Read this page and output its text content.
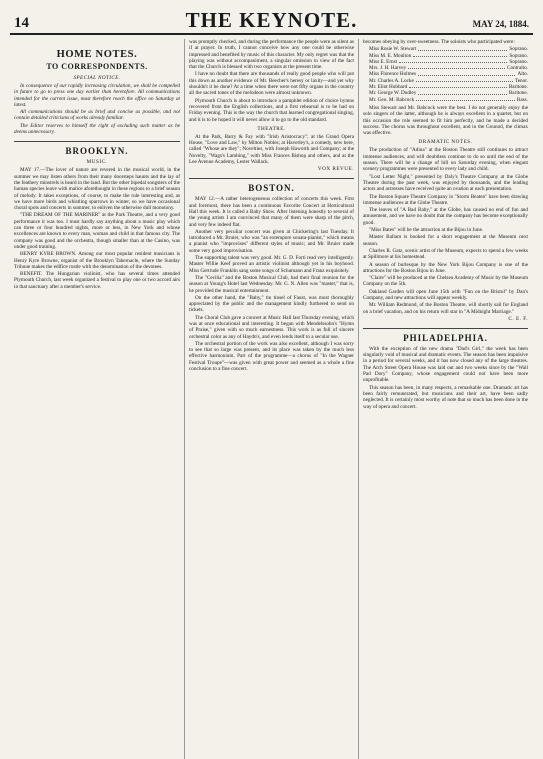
14	THE KEYNOTE.	MAY 24, 1884.
HOME NOTES.
TO CORRESPONDENTS.
SPECIAL NOTICE.

In consequence of our rapidly increasing circulation, we shall be compelled in future to go to press one day earlier than heretofore. All communications intended for the current issue, must therefore reach the office on Saturday at latest.

All communications should be as brief and concise as possible, and not contain detailed criticisms of works already familiar.

The Editor reserves to himself the right of excluding such matter as he deems unnecessary.

BROOKLYN.
MUSIC.

MAY 17.—The lover of nature are revered in the musical world, in the summer we may listen others from their many doorsteps haunts and the lay of the feathery minstrels is heard in the land. But the other bipedal songsters of the human species leave with malice aforethought in these regions to a brief season of melody. It takes exceptions, of course, to make the rule interesting and, as we have more birds and whistling sparrows in winter, so we have occasional choral spots and concerts in summer, to enliven the otherwise dull monotony.

"THE DREAM OF THE MARINER" at the Park Theatre, and a very good performance it was too. I must hardly say anything about a music play which can three or four hundred nights, more or less, in New York and whose excellences are known to every man, woman and child in that famous city. The company was good and the orchestra, though smaller than at the Casino, was under good training.

HENRY KYRE BROWN. Among our most popular resident musicians is Henry Kyre Browne, organist of the Brooklyn Tabernacle, where the Sunday Tribune makes the edifice rustle with the denomination of the devotees.

BENEFIT. The Hungarian violinist, who has several times attended Plymouth Church, last week organized a festival to play one or two accord airs in that sanctuary after a member's service.

was promptly checked, and during the performance the people were as silent as if at prayer. In truth, I cannot conceive how any one could be otherwise impressed and benefited by music of this character. My only regret was that the playing was without accompaniment, a singular omission in view of the fact that the Church is blessed with two organists at the present time.

I have no doubt that there are thousands of really good people who will put this down as another evidence of Mr. Beecher's heresy or laxity—and yet why shouldn't it be done? At a time when there were not fifty organs in the country all the sacred tones of the melodeon were almost unknown.

Plymouth Church is about to introduce a pamphlet edition of choice hymns recovered from the English collections, and a first rehearsal is to be had on Friday evening. This is the way the church that learned congregational singing, and it is to be hoped it will never allow it to go to the old standard.

THEATRE.

At the Park, Barry & Fay with "Irish Aristocracy"; at the Grand Opera House, "Love and Law," by Milton Nobles; at Haverley's, a comedy, new here, called "Whose are they"; Novelties, with Joseph Haworth and Company; at the Novelty, "Wags's Lambing," with Miss Frances Bishop and others, and at the Lee Avenue Academy, Lester Wallack.

VOX REVUE.
BOSTON.

MAY 12.—A rather heterogeneous collection of concerts this week. First and foremost, there has been a continuous Favorite Concert at Horticultural Hall this week. It is called a Baby Show. After listening honestly to several of the young artists I am convinced that many of them were sharp of the pitch, and very few indeed flat.

Another very peculiar concert was given at Chickering's last Tuesday. It introduced a Mr. Bruier, who was "an extempore sonata-pianist," which means a pianist who "improvises" different styles of music; and Mr. Bruier made some very good improvisation.

The supporting talent was very good. Mr. G. D. Forti read very intelligently. Master Willie Keef proved an artistic violinist although yet in his boyhood. Miss Gertrude Franklin sang some songs of Schumann and Franz exquisitely.

The "Cecilia" and the Boston Musical Club, had their final reunion for the season at Young's Hotel last Wednesday. Mr. G. N. Allen was "master," that is, he provided the musical entertainment.

On the other hand, the "Baby," tin tinsel of Faust, was most thoroughly appreciated by the public and the management kindly furthered to send on tickets.

The Choral Club gave a concert at Music Hall last Thursday evening, which was at once educational and interesting. It began with Mendelssohn's "Hymn of Praise," given with so much earnestness. This work is as full of sincere orchestral color as any of Haydn's, and even lends itself to a secular use.

The orchestral portion of the work was also excellent, although I was sorry to see that so large was present, and its place was taken by the much less effective harmonium. Part of the programme—a chorus of "In the Wagner Festival Troupe"—was given with great power and seemed as a whole a fine conclusion to a fine concert.

becomes obeying by over-sweetness. The soloists who participated were:

Miss Rosie W. Stewart	Soprano.
Miss M. E. Moulton	Soprano.
Miss E. Ernst	Soprano.
Mrs. J. H. Harvey	Contralto.
Miss Florence Holmes	Alto.
Mr. Charles A. Locke	Tenor.
Mr. Eliot Hubbard	Baritone.
Mr. George W. Dudley	Baritone.
Mr. Geo. M. Babcock	Bass.

Miss Stewart and Mr. Babcock were the best. I do not generally enjoy the solo singers of the latter, although he is always excellent in a quartet, but on this occasion the role seemed to fit him perfectly, and he made a decided success. The chorus was throughout excellent, and in the Gounod, the climax was effective.

DRAMATIC NOTES.

The production of "Adina" at the Boston Theatre still continues to attract immense audiences, and will doubtless continue to do so until the end of the season. There will be a change of bill on Saturday evening, when elegant scenery programmes were presented to every lady and child.

"Lost Letter Night," presented by Daly's Theatre Company at the Globe Theatre during the past week, was enjoyed by thousands, and the leading actors and actresses have received quite an ovation at each presentation.

The Boston Square Theatre Company in "Storm Beaten" have been drawing immense audiences at the Globe Theatre.

The leaves of "A Bad Baby," at the Globe, has caused no end of fun and amusement, and we have no doubt that the company has become exceptionally good.

"Miss Bates" will be the attraction at the Bijou in June.

Master Ballam is booked for a short engagement at the Museum next season.

Charles R. Gatz, scenic artist of the Museum, expects to spend a few weeks at Spillmore at his homestead.

A season of burlesque by the New York Bijou Company is one of the attractions for the Boston Bijou in June.

"Claire" will be produced at the Chelsea Academy of Music by the Museum Company on the 5th.

Oakland Garden will open June 15th with "Fun on the Bristol" by Dan's Company, and new attractions will appear weekly.

Mr. William Redmund, of the Boston Theatre, will shortly sail for England on a brief vacation, and on his return will star in "A Midnight Marriage."

C. E. F.
PHILADELPHIA.

With the exception of the new drama "Dad's Girl," the week has been singularly void of musical and dramatic events. The season has been impulsive in a period for several weeks, and it has now closed any of the large theatres. The Arch Street Opera House was laid out and two weeks since by the "Wall Pad Dory" Company, whose engagement could not have been more unprofitable.

This season has been, in many respects, a remarkable one. Dramatic art has been fairly remunerated, but musicians and their art, have been sadly neglected. It is certainly most worthy of note that so much has been done in the way of opera and concert.
